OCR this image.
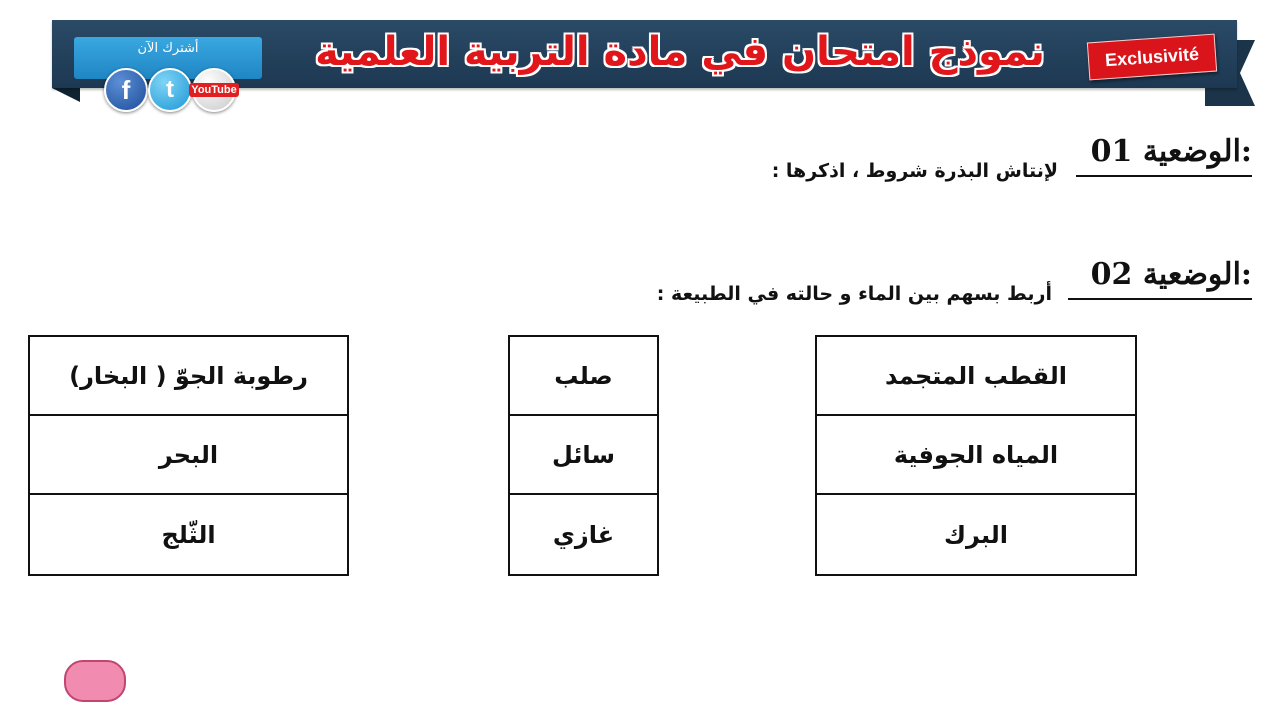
نموذج امتحان في مادة التربية العلمية	Exclusivité
أشترك الآن
f t YouTube
الوضعية 01:
لإنتاش البذرة شروط ، اذكرها :
الوضعية 02:
أربط بسهم بين الماء و حالته في الطبيعة :
رطوبة الجوّ ( البخار)
البحر
الثّلج
صلب
سائل
غازي
القطب المتجمد
المياه الجوفية
البرك
